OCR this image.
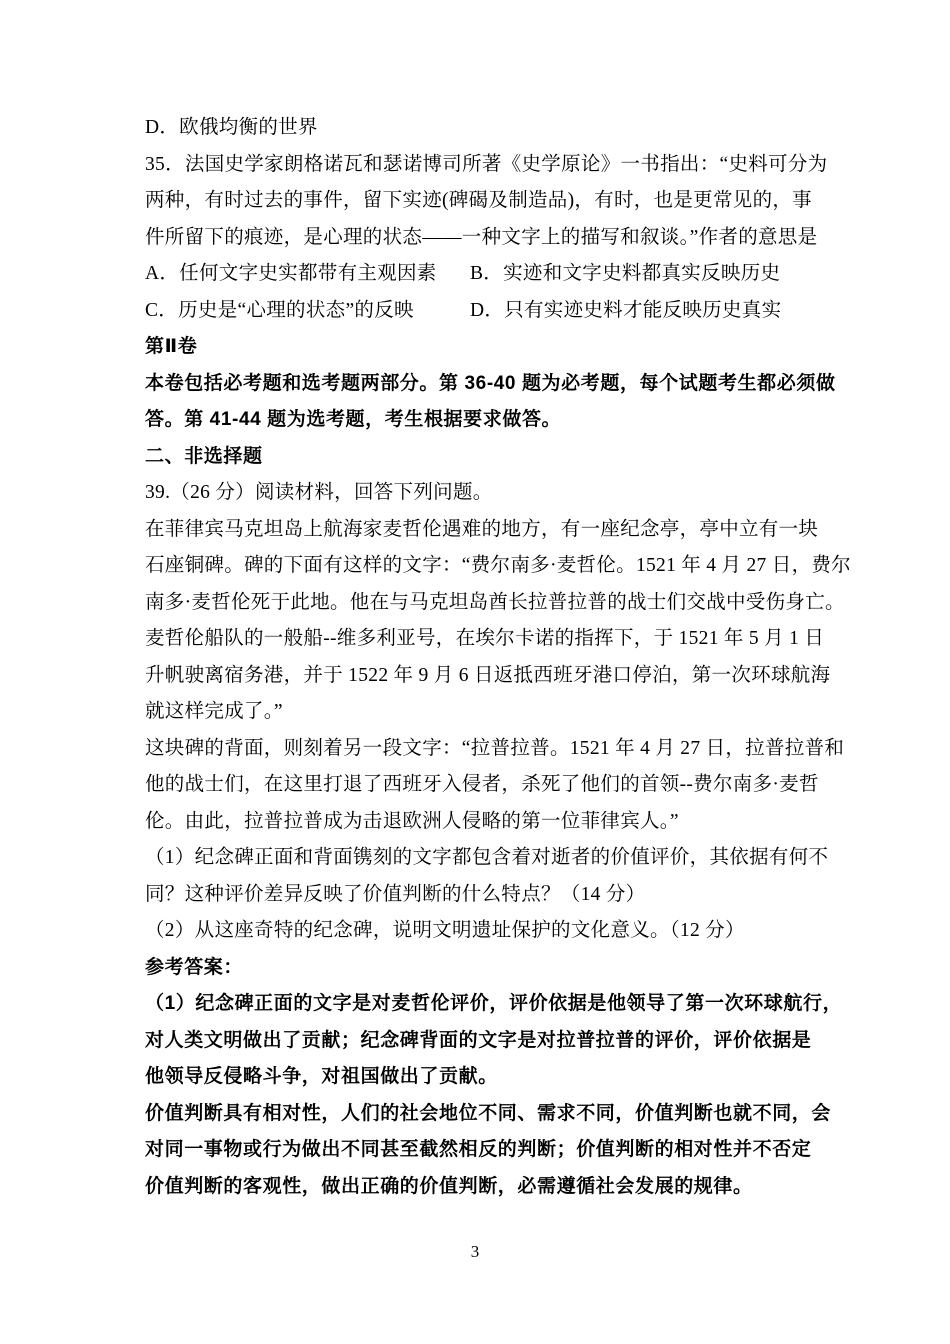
D．欧俄均衡的世界
35．法国史学家朗格诺瓦和瑟诺博司所著《史学原论》一书指出：“史料可分为
两种，有时过去的事件，留下实迹(碑碣及制造品)，有时，也是更常见的，事
件所留下的痕迹，是心理的状态——一种文字上的描写和叙谈。”作者的意思是
A．任何文字史实都带有主观因素 B．实迹和文字史料都真实反映历史
C．历史是“心理的状态”的反映	D．只有实迹史料才能反映历史真实
第Ⅱ卷
本卷包括必考题和选考题两部分。第 36-40 题为必考题，每个试题考生都必须做
答。第 41-44 题为选考题，考生根据要求做答。
二、非选择题
39.（26 分）阅读材料，回答下列问题。
在菲律宾马克坦岛上航海家麦哲伦遇难的地方，有一座纪念亭，亭中立有一块
石座铜碑。碑的下面有这样的文字：“费尔南多·麦哲伦。1521 年 4 月 27 日，费尔
南多·麦哲伦死于此地。他在与马克坦岛酋长拉普拉普的战士们交战中受伤身亡。
麦哲伦船队的一般船--维多利亚号，在埃尔卡诺的指挥下，于 1521 年 5 月 1 日
升帆驶离宿务港，并于 1522 年 9 月 6 日返抵西班牙港口停泊，第一次环球航海
就这样完成了。”
这块碑的背面，则刻着另一段文字：“拉普拉普。1521 年 4 月 27 日，拉普拉普和
他的战士们，在这里打退了西班牙入侵者，杀死了他们的首领--费尔南多·麦哲
伦。由此，拉普拉普成为击退欧洲人侵略的第一位菲律宾人。”
（1）纪念碑正面和背面镌刻的文字都包含着对逝者的价值评价，其依据有何不
同？这种评价差异反映了价值判断的什么特点？（14 分）
（2）从这座奇特的纪念碑，说明文明遗址保护的文化意义。（12 分）
参考答案：
（1）纪念碑正面的文字是对麦哲伦评价，评价依据是他领导了第一次环球航行，
对人类文明做出了贡献；纪念碑背面的文字是对拉普拉普的评价，评价依据是
他领导反侵略斗争，对祖国做出了贡献。
价值判断具有相对性，人们的社会地位不同、需求不同，价值判断也就不同，会
对同一事物或行为做出不同甚至截然相反的判断；价值判断的相对性并不否定
价值判断的客观性，做出正确的价值判断，必需遵循社会发展的规律。
3
